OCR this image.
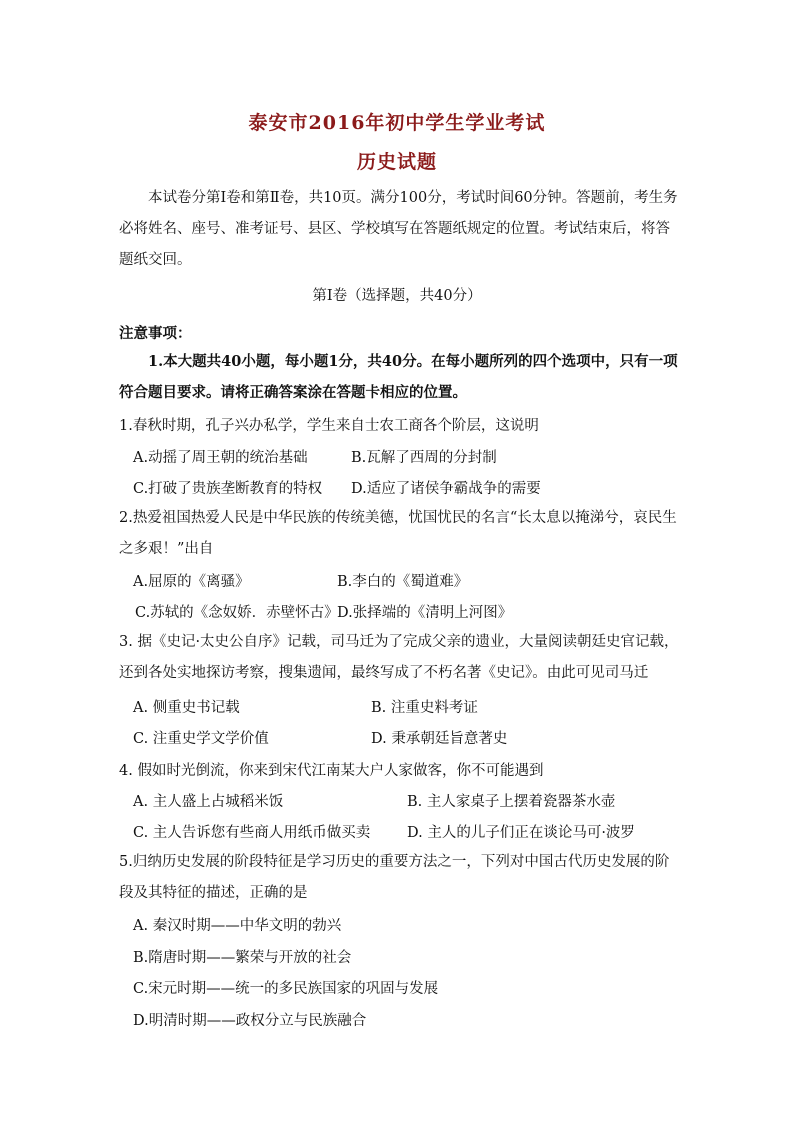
泰安市2016年初中学生学业考试
历史试题
本试卷分第Ⅰ卷和第Ⅱ卷，共10页。满分100分，考试时间60分钟。答题前，考生务必将姓名、座号、准考证号、县区、学校填写在答题纸规定的位置。考试结束后，将答题纸交回。
第Ⅰ卷（选择题，共40分）
注意事项：
1.本大题共40小题，每小题1分，共40分。在每小题所列的四个选项中，只有一项符合题目要求。请将正确答案涂在答题卡相应的位置。
1.春秋时期，孔子兴办私学，学生来自士农工商各个阶层，这说明
A.动摇了周王朝的统治基础	B.瓦解了西周的分封制
C.打破了贵族垄断教育的特权 D.适应了诸侯争霸战争的需要
2.热爱祖国热爱人民是中华民族的传统美德，忧国忧民的名言“长太息以掩涕兮，哀民生之多艰！”出自
A.屈原的《离骚》	B.李白的《蜀道难》
C.苏轼的《念奴娇．赤壁怀古》
D.张择端的《清明上河图》
3. 据《史记·太史公自序》记载，司马迁为了完成父亲的遗业，大量阅读朝廷史官记载，还到各处实地探访考察，搜集遗闻，最终写成了不朽名著《史记》。由此可见司马迁
A. 侧重史书记载	B. 注重史料考证
C. 注重史学文学价值	D. 秉承朝廷旨意著史
4. 假如时光倒流，你来到宋代江南某大户人家做客，你不可能遇到
A. 主人盛上占城稻米饭	B. 主人家桌子上摆着瓷器茶水壶
C. 主人告诉您有些商人用纸币做买卖	D. 主人的儿子们正在谈论马可·波罗
5.归纳历史发展的阶段特征是学习历史的重要方法之一，下列对中国古代历史发展的阶段及其特征的描述，正确的是
A. 秦汉时期——中华文明的勃兴
B.隋唐时期——繁荣与开放的社会
C.宋元时期——统一的多民族国家的巩固与发展
D.明清时期——政权分立与民族融合
